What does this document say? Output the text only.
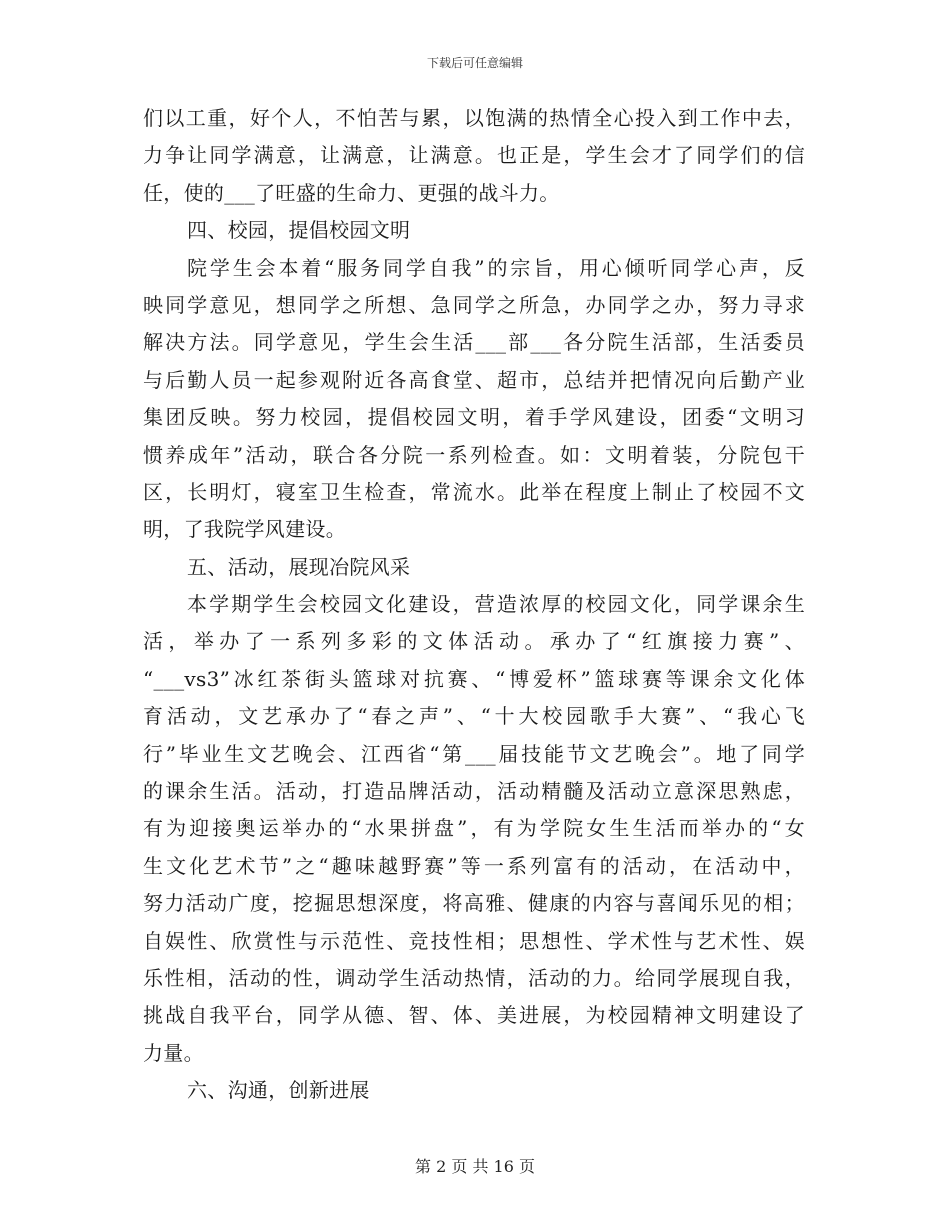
下载后可任意编辑
们以工重，好个人，不怕苦与累，以饱满的热情全心投入到工作中去，
力争让同学满意，让满意，让满意。也正是，学生会才了同学们的信
任，使的___了旺盛的生命力、更强的战斗力。
四、校园，提倡校园文明
院学生会本着“服务同学自我”的宗旨，用心倾听同学心声，反
映同学意见，想同学之所想、急同学之所急，办同学之办，努力寻求
解决方法。同学意见，学生会生活___部___各分院生活部，生活委员
与后勤人员一起参观附近各高食堂、超市，总结并把情况向后勤产业
集团反映。努力校园，提倡校园文明，着手学风建设，团委“文明习
惯养成年”活动，联合各分院一系列检查。如：文明着装，分院包干
区，长明灯，寝室卫生检查，常流水。此举在程度上制止了校园不文
明，了我院学风建设。
五、活动，展现冶院风采
本学期学生会校园文化建设，营造浓厚的校园文化，同学课余生
活，举办了一系列多彩的文体活动。承办了“红旗接力赛”、
“___vs3”冰红茶街头篮球对抗赛、“博爱杯”篮球赛等课余文化体
育活动，文艺承办了“春之声”、“十大校园歌手大赛”、“我心飞
行”毕业生文艺晚会、江西省“第___届技能节文艺晚会”。地了同学
的课余生活。活动，打造品牌活动，活动精髓及活动立意深思熟虑，
有为迎接奥运举办的“水果拼盘”，有为学院女生生活而举办的“女
生文化艺术节”之“趣味越野赛”等一系列富有的活动，在活动中，
努力活动广度，挖掘思想深度，将高雅、健康的内容与喜闻乐见的相；
自娱性、欣赏性与示范性、竞技性相；思想性、学术性与艺术性、娱
乐性相，活动的性，调动学生活动热情，活动的力。给同学展现自我，
挑战自我平台，同学从德、智、体、美进展，为校园精神文明建设了
力量。
六、沟通，创新进展
第 2 页 共 16 页
